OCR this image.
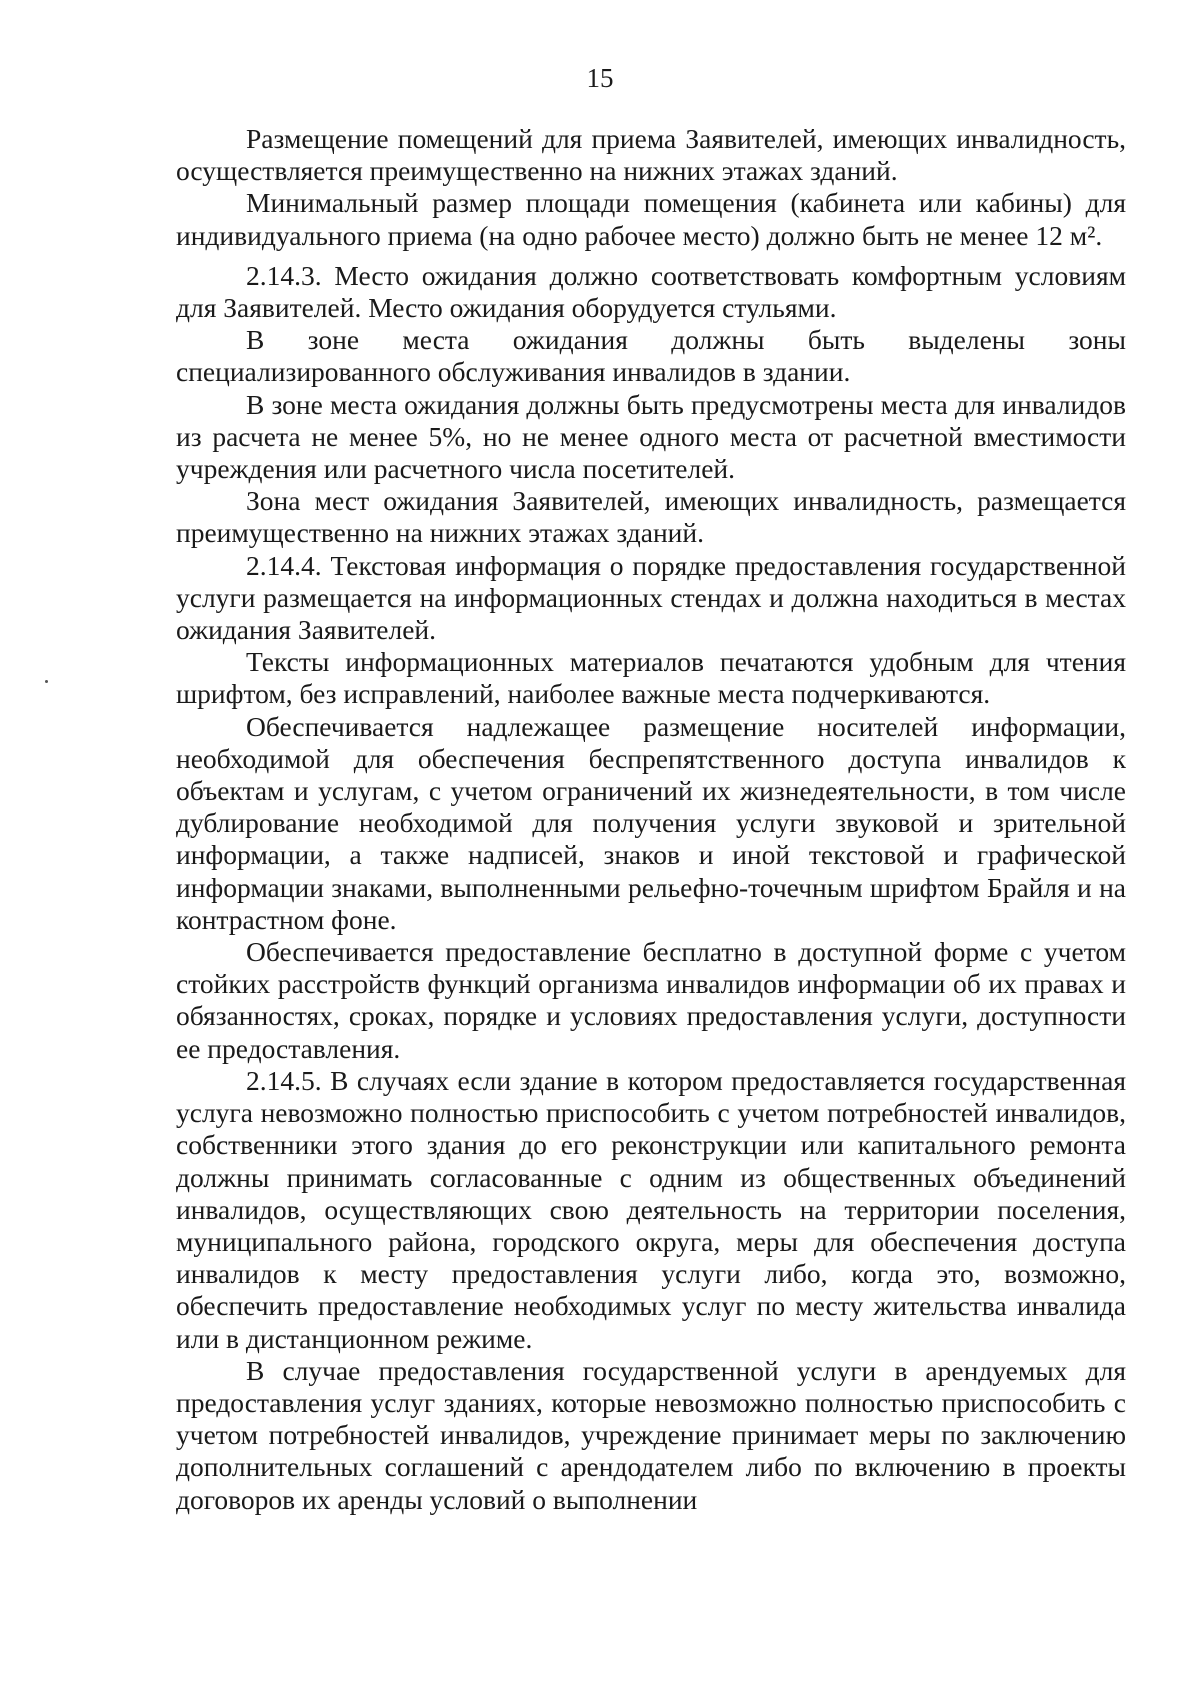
15

Размещение помещений для приема Заявителей, имеющих инвалидность, осуществляется преимущественно на нижних этажах зданий.

Минимальный размер площади помещения (кабинета или кабины) для индивидуального приема (на одно рабочее место) должно быть не менее 12 м².

2.14.3. Место ожидания должно соответствовать комфортным условиям для Заявителей. Место ожидания оборудуется стульями.

В зоне места ожидания должны быть выделены зоны специализированного обслуживания инвалидов в здании.

В зоне места ожидания должны быть предусмотрены места для инвалидов из расчета не менее 5%, но не менее одного места от расчетной вместимости учреждения или расчетного числа посетителей.

Зона мест ожидания Заявителей, имеющих инвалидность, размещается преимущественно на нижних этажах зданий.

2.14.4. Текстовая информация о порядке предоставления государственной услуги размещается на информационных стендах и должна находиться в местах ожидания Заявителей.

Тексты информационных материалов печатаются удобным для чтения шрифтом, без исправлений, наиболее важные места подчеркиваются.

Обеспечивается надлежащее размещение носителей информации, необходимой для обеспечения беспрепятственного доступа инвалидов к объектам и услугам, с учетом ограничений их жизнедеятельности, в том числе дублирование необходимой для получения услуги звуковой и зрительной информации, а также надписей, знаков и иной текстовой и графической информации знаками, выполненными рельефно-точечным шрифтом Брайля и на контрастном фоне.

Обеспечивается предоставление бесплатно в доступной форме с учетом стойких расстройств функций организма инвалидов информации об их правах и обязанностях, сроках, порядке и условиях предоставления услуги, доступности ее предоставления.

2.14.5. В случаях если здание в котором предоставляется государственная услуга невозможно полностью приспособить с учетом потребностей инвалидов, собственники этого здания до его реконструкции или капитального ремонта должны принимать согласованные с одним из общественных объединений инвалидов, осуществляющих свою деятельность на территории поселения, муниципального района, городского округа, меры для обеспечения доступа инвалидов к месту предоставления услуги либо, когда это, возможно, обеспечить предоставление необходимых услуг по месту жительства инвалида или в дистанционном режиме.

В случае предоставления государственной услуги в арендуемых для предоставления услуг зданиях, которые невозможно полностью приспособить с учетом потребностей инвалидов, учреждение принимает меры по заключению дополнительных соглашений с арендодателем либо по включению в проекты договоров их аренды условий о выполнении
